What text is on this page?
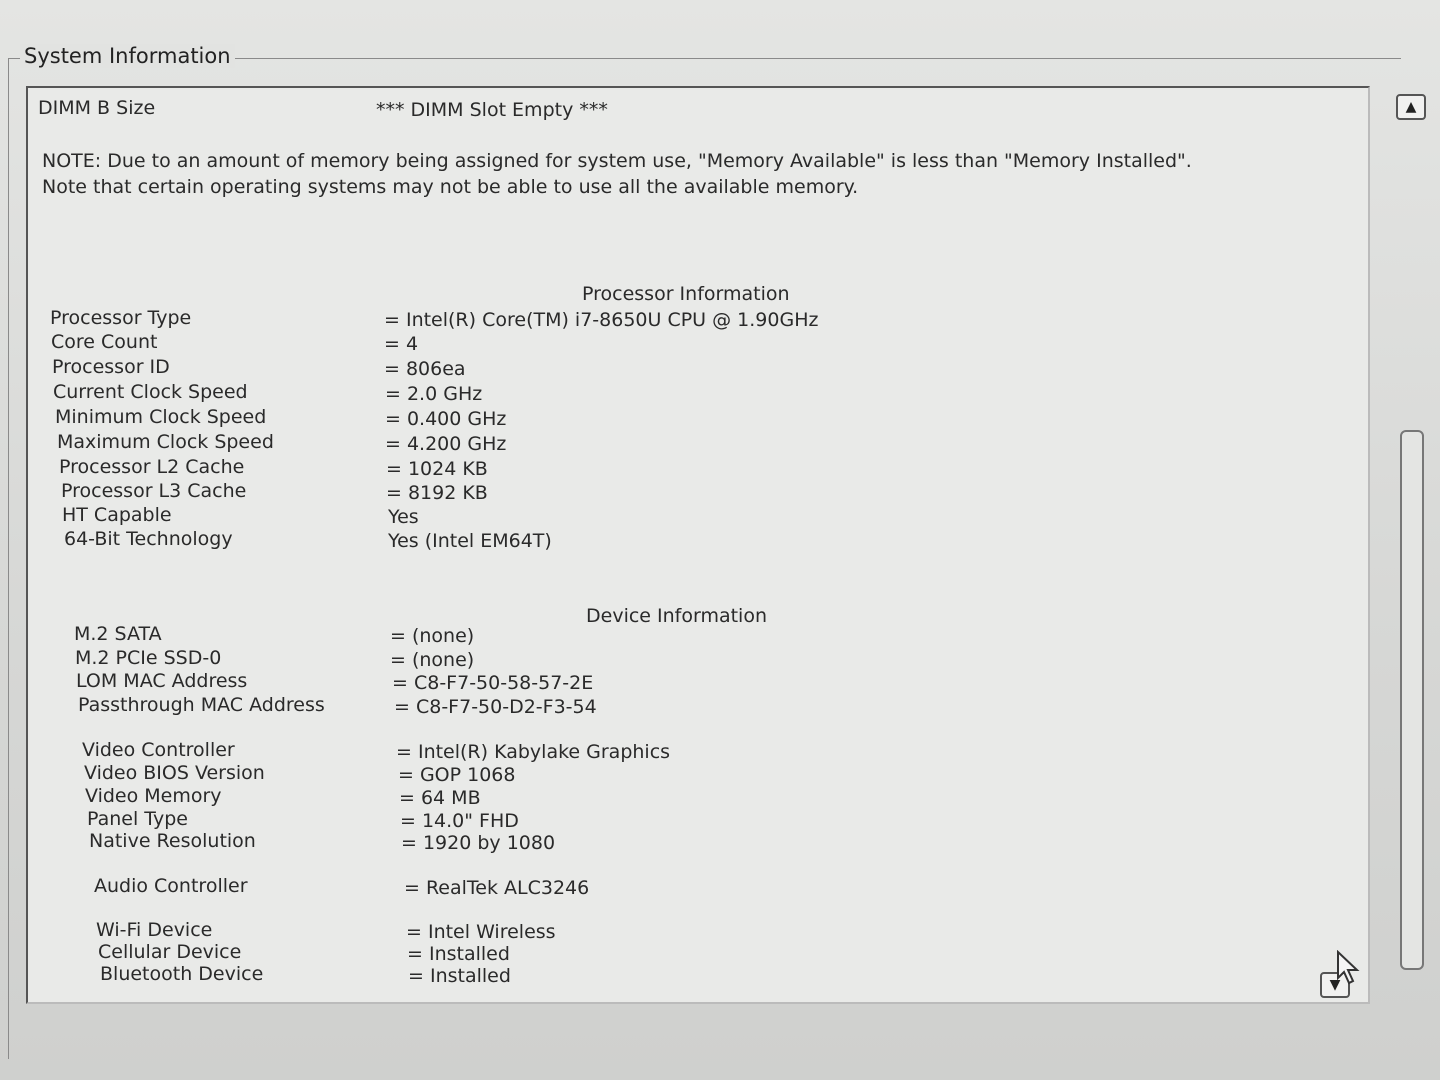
System Information
DIMM B Size	*** DIMM Slot Empty ***
NOTE: Due to an amount of memory being assigned for system use, "Memory Available" is less than "Memory Installed". Note that certain operating systems may not be able to use all the available memory.
Processor Information
Processor Type	= Intel(R) Core(TM) i7-8650U CPU @ 1.90GHz
Core Count	= 4
Processor ID	= 806ea
Current Clock Speed	= 2.0 GHz
Minimum Clock Speed	= 0.400 GHz
Maximum Clock Speed	= 4.200 GHz
Processor L2 Cache	= 1024 KB
Processor L3 Cache	= 8192 KB
HT Capable	Yes
64-Bit Technology	Yes (Intel EM64T)
Device Information
M.2 SATA	= (none)
M.2 PCIe SSD-0	= (none)
LOM MAC Address	= C8-F7-50-58-57-2E
Passthrough MAC Address	= C8-F7-50-D2-F3-54
Video Controller	= Intel(R) Kabylake Graphics
Video BIOS Version	= GOP 1068
Video Memory	= 64 MB
Panel Type	= 14.0" FHD
Native Resolution	= 1920 by 1080
Audio Controller	= RealTek ALC3246
Wi-Fi Device	= Intel Wireless
Cellular Device	= Installed
Bluetooth Device	= Installed
▲
▼
